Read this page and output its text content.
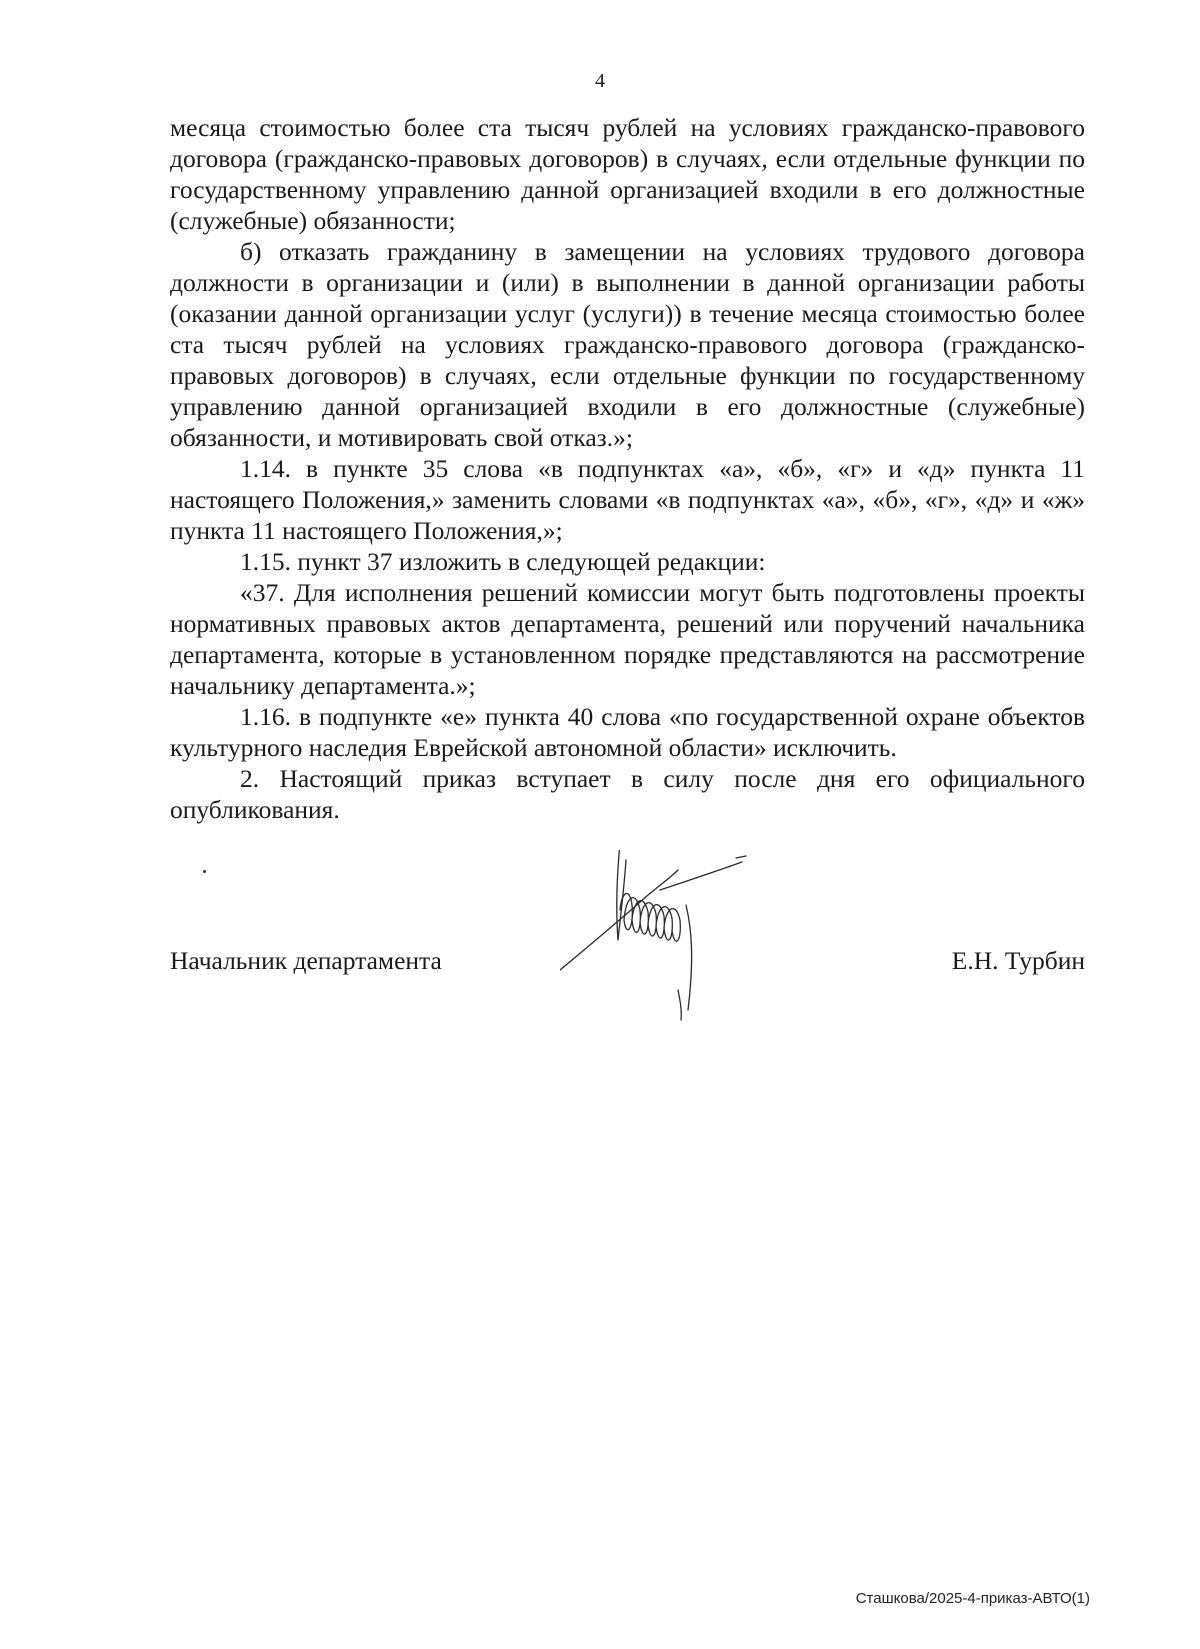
4

месяца стоимостью более ста тысяч рублей на условиях гражданско-правового договора (гражданско-правовых договоров) в случаях, если отдельные функции по государственному управлению данной организацией входили в его должностные (служебные) обязанности;

б) отказать гражданину в замещении на условиях трудового договора должности в организации и (или) в выполнении в данной организации работы (оказании данной организации услуг (услуги)) в течение месяца стоимостью более ста тысяч рублей на условиях гражданско-правового договора (гражданско-правовых договоров) в случаях, если отдельные функции по государственному управлению данной организацией входили в его должностные (служебные) обязанности, и мотивировать свой отказ.»;

1.14. в пункте 35 слова «в подпунктах «а», «б», «г» и «д» пункта 11 настоящего Положения,» заменить словами «в подпунктах «а», «б», «г», «д» и «ж» пункта 11 настоящего Положения,»;

1.15. пункт 37 изложить в следующей редакции:

«37. Для исполнения решений комиссии могут быть подготовлены проекты нормативных правовых актов департамента, решений или поручений начальника департамента, которые в установленном порядке представляются на рассмотрение начальнику департамента.»;

1.16. в подпункте «е» пункта 40 слова «по государственной охране объектов культурного наследия Еврейской автономной области» исключить.

2. Настоящий приказ вступает в силу после дня его официального опубликования.

Начальник департамента	Е.Н. Турбин
Сташкова/2025-4-приказ-АВТО(1)
